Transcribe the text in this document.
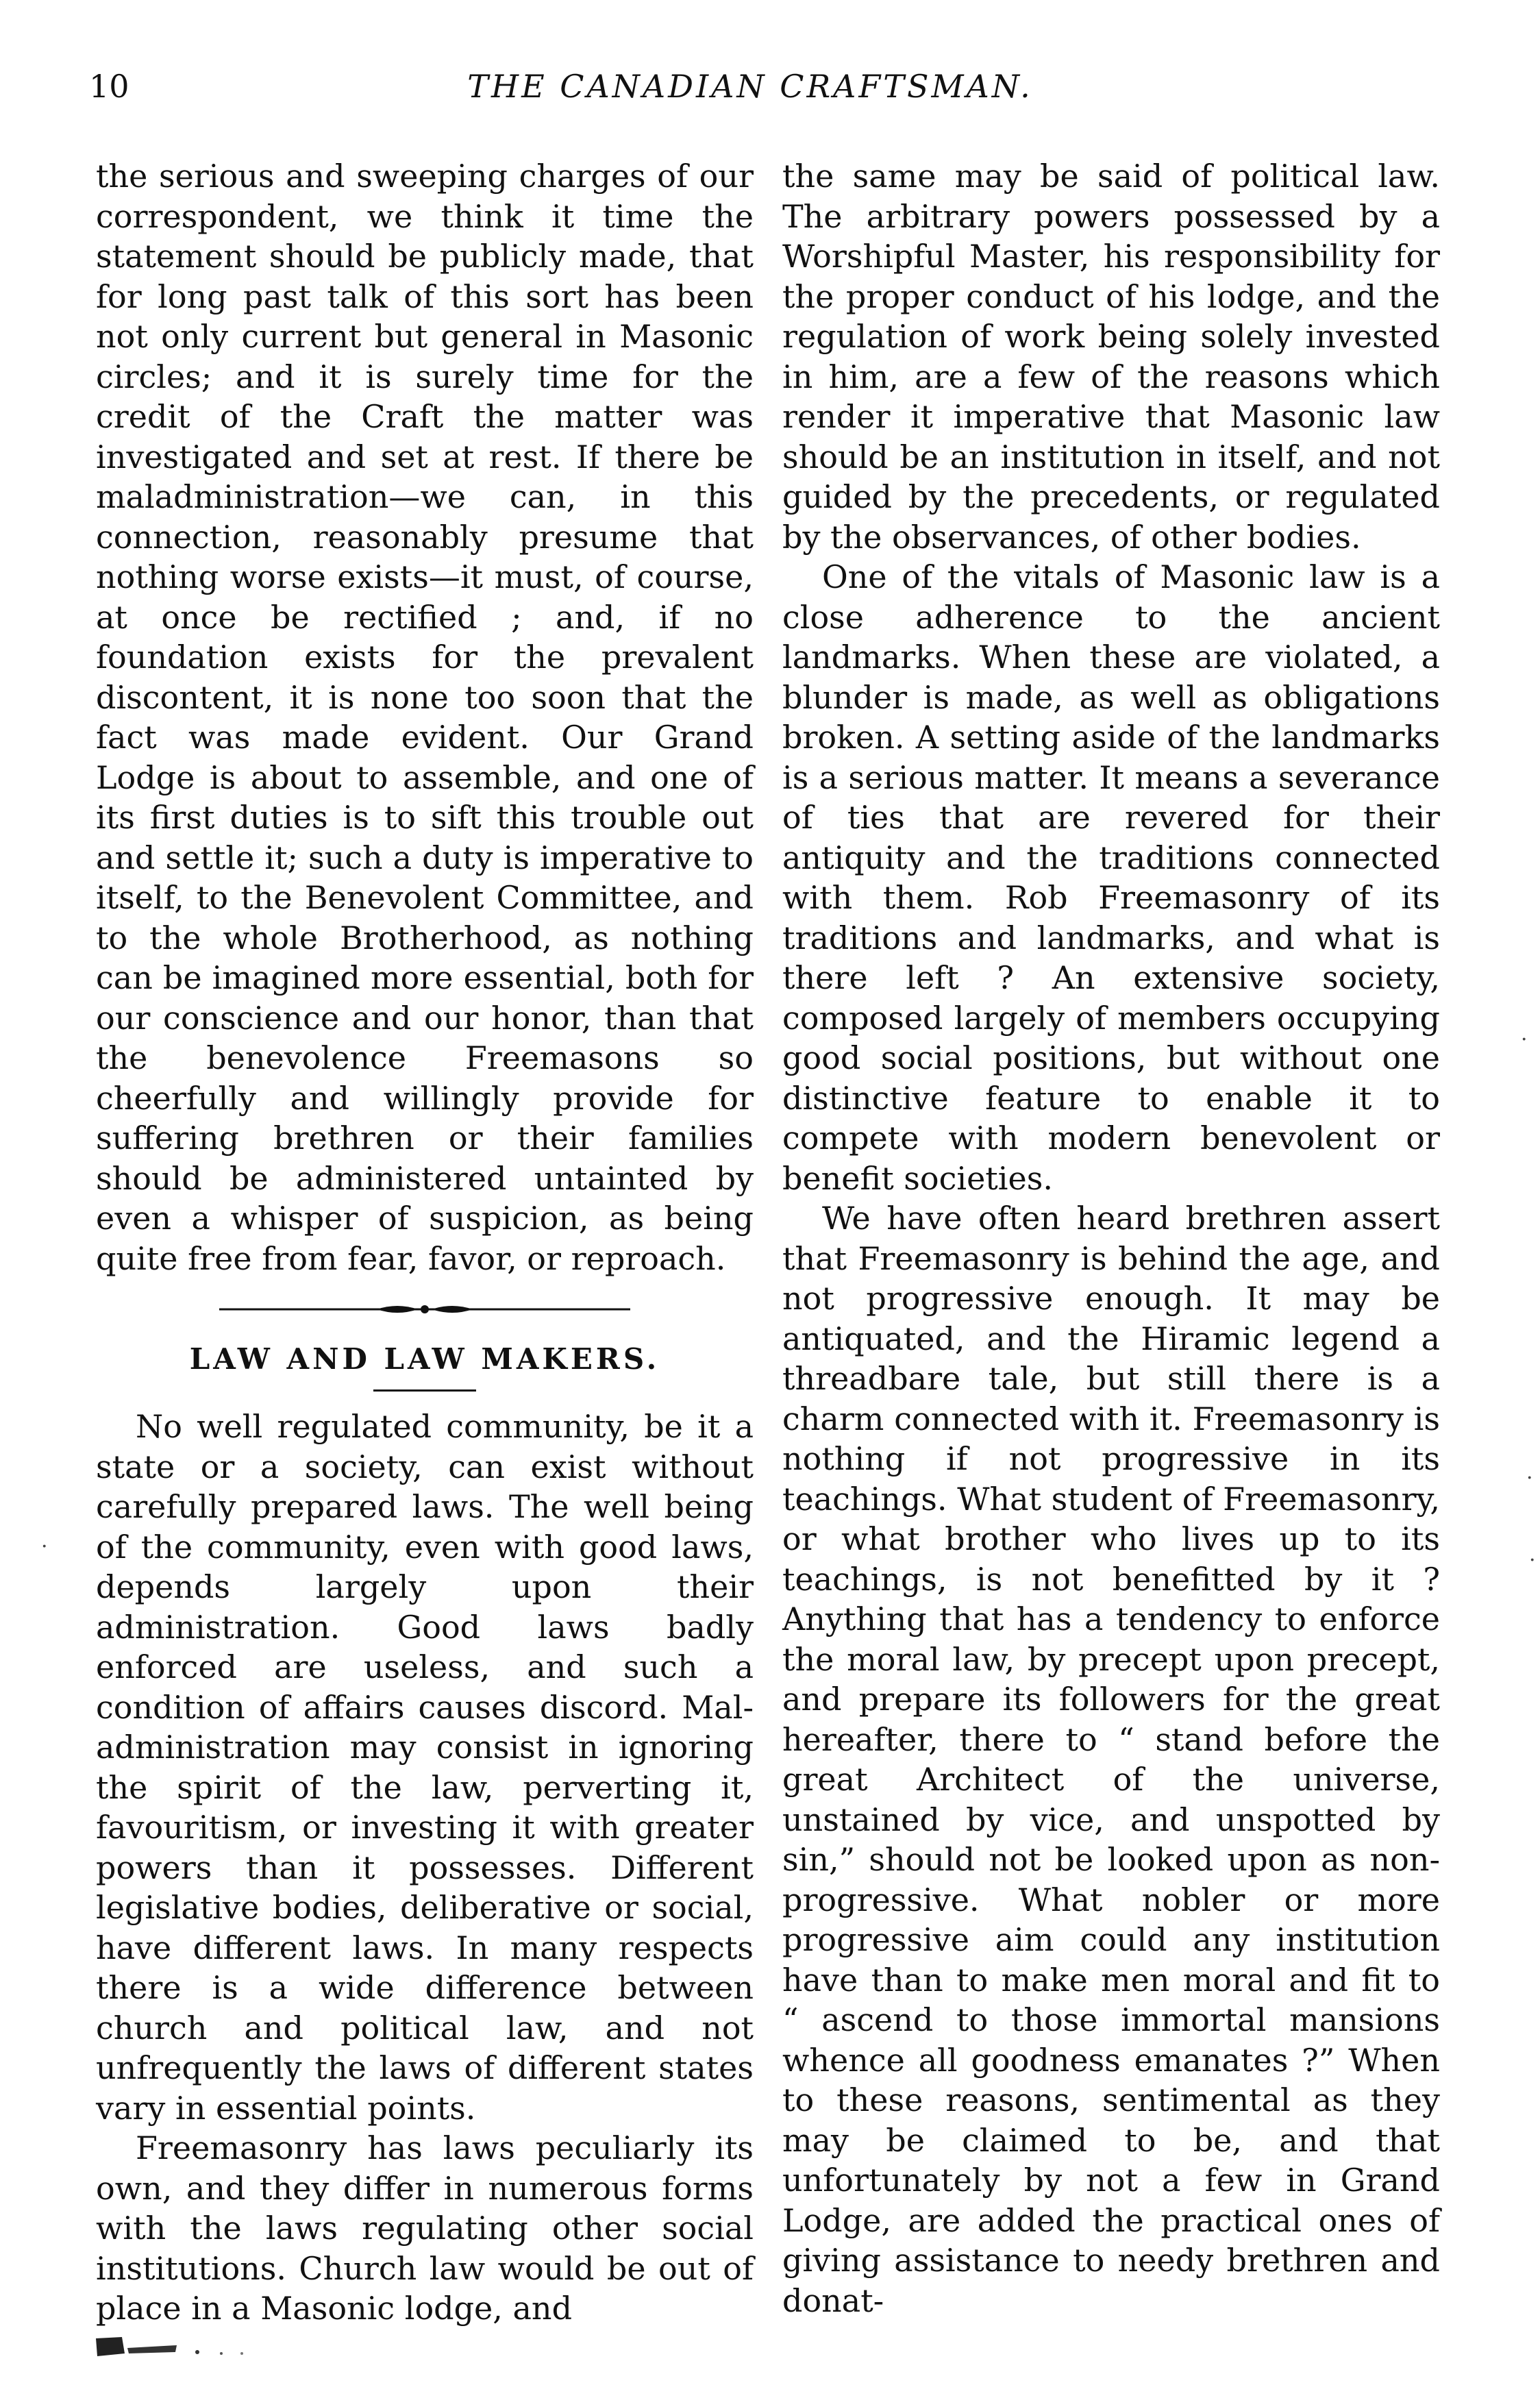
10	THE CANADIAN CRAFTSMAN.

the serious and sweeping charges of our correspondent, we think it time the statement should be publicly made, that for long past talk of this sort has been not only current but general in Masonic circles; and it is surely time for the credit of the Craft the matter was investigated and set at rest. If there be maladministration—we can, in this connection, reasonably presume that nothing worse exists—it must, of course, at once be rectified ; and, if no foundation exists for the prevalent discontent, it is none too soon that the fact was made evident. Our Grand Lodge is about to assemble, and one of its first duties is to sift this trouble out and settle it; such a duty is imperative to itself, to the Benevolent Committee, and to the whole Brotherhood, as nothing can be imagined more essential, both for our conscience and our honor, than that the benevolence Freemasons so cheerfully and willingly provide for suffering brethren or their families should be administered untainted by even a whisper of suspicion, as being quite free from fear, favor, or reproach.

LAW AND LAW MAKERS.

No well regulated community, be it a state or a society, can exist without carefully prepared laws. The well being of the community, even with good laws, depends largely upon their administration. Good laws badly enforced are useless, and such a condition of affairs causes discord. Mal-administration may consist in ignoring the spirit of the law, perverting it, favouritism, or investing it with greater powers than it possesses. Different legislative bodies, deliberative or social, have different laws. In many respects there is a wide difference between church and political law, and not unfrequently the laws of different states vary in essential points.

Freemasonry has laws peculiarly its own, and they differ in numerous forms with the laws regulating other social institutions. Church law would be out of place in a Masonic lodge, and

the same may be said of political law. The arbitrary powers possessed by a Worshipful Master, his responsibility for the proper conduct of his lodge, and the regulation of work being solely invested in him, are a few of the reasons which render it imperative that Masonic law should be an institution in itself, and not guided by the precedents, or regulated by the observances, of other bodies.

One of the vitals of Masonic law is a close adherence to the ancient landmarks. When these are violated, a blunder is made, as well as obligations broken. A setting aside of the landmarks is a serious matter. It means a severance of ties that are revered for their antiquity and the traditions connected with them. Rob Freemasonry of its traditions and landmarks, and what is there left ? An extensive society, composed largely of members occupying good social positions, but without one distinctive feature to enable it to compete with modern benevolent or benefit societies.

We have often heard brethren assert that Freemasonry is behind the age, and not progressive enough. It may be antiquated, and the Hiramic legend a threadbare tale, but still there is a charm connected with it. Freemasonry is nothing if not progressive in its teachings. What student of Freemasonry, or what brother who lives up to its teachings, is not benefitted by it ? Anything that has a tendency to enforce the moral law, by precept upon precept, and prepare its followers for the great hereafter, there to “ stand before the great Architect of the universe, unstained by vice, and unspotted by sin,” should not be looked upon as non-progressive. What nobler or more progressive aim could any institution have than to make men moral and fit to “ ascend to those immortal mansions whence all goodness emanates ?” When to these reasons, sentimental as they may be claimed to be, and that unfortunately by not a few in Grand Lodge, are added the practical ones of giving assistance to needy brethren and donat-

·
·
·
·
